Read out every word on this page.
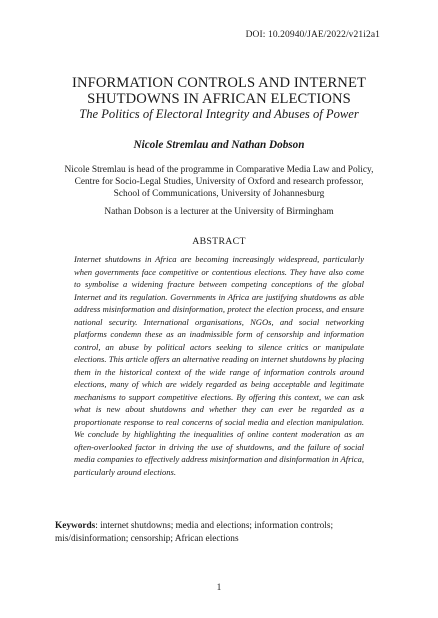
DOI: 10.20940/JAE/2022/v21i2a1
INFORMATION CONTROLS AND INTERNET
SHUTDOWNS IN AFRICAN ELECTIONS
The Politics of Electoral Integrity and Abuses of Power
Nicole Stremlau and Nathan Dobson
Nicole Stremlau is head of the programme in Comparative Media Law and Policy, Centre for Socio-Legal Studies, University of Oxford and research professor, School of Communications, University of Johannesburg
Nathan Dobson is a lecturer at the University of Birmingham
ABSTRACT
Internet shutdowns in Africa are becoming increasingly widespread, particularly when governments face competitive or contentious elections. They have also come to symbolise a widening fracture between competing conceptions of the global Internet and its regulation. Governments in Africa are justifying shutdowns as able address misinformation and disinformation, protect the election process, and ensure national security. International organisations, NGOs, and social networking platforms condemn these as an inadmissible form of censorship and information control, an abuse by political actors seeking to silence critics or manipulate elections. This article offers an alternative reading on internet shutdowns by placing them in the historical context of the wide range of information controls around elections, many of which are widely regarded as being acceptable and legitimate mechanisms to support competitive elections. By offering this context, we can ask what is new about shutdowns and whether they can ever be regarded as a proportionate response to real concerns of social media and election manipulation. We conclude by highlighting the inequalities of online content moderation as an often-overlooked factor in driving the use of shutdowns, and the failure of social media companies to effectively address misinformation and disinformation in Africa, particularly around elections.
Keywords: internet shutdowns; media and elections; information controls; mis/disinformation; censorship; African elections
1
